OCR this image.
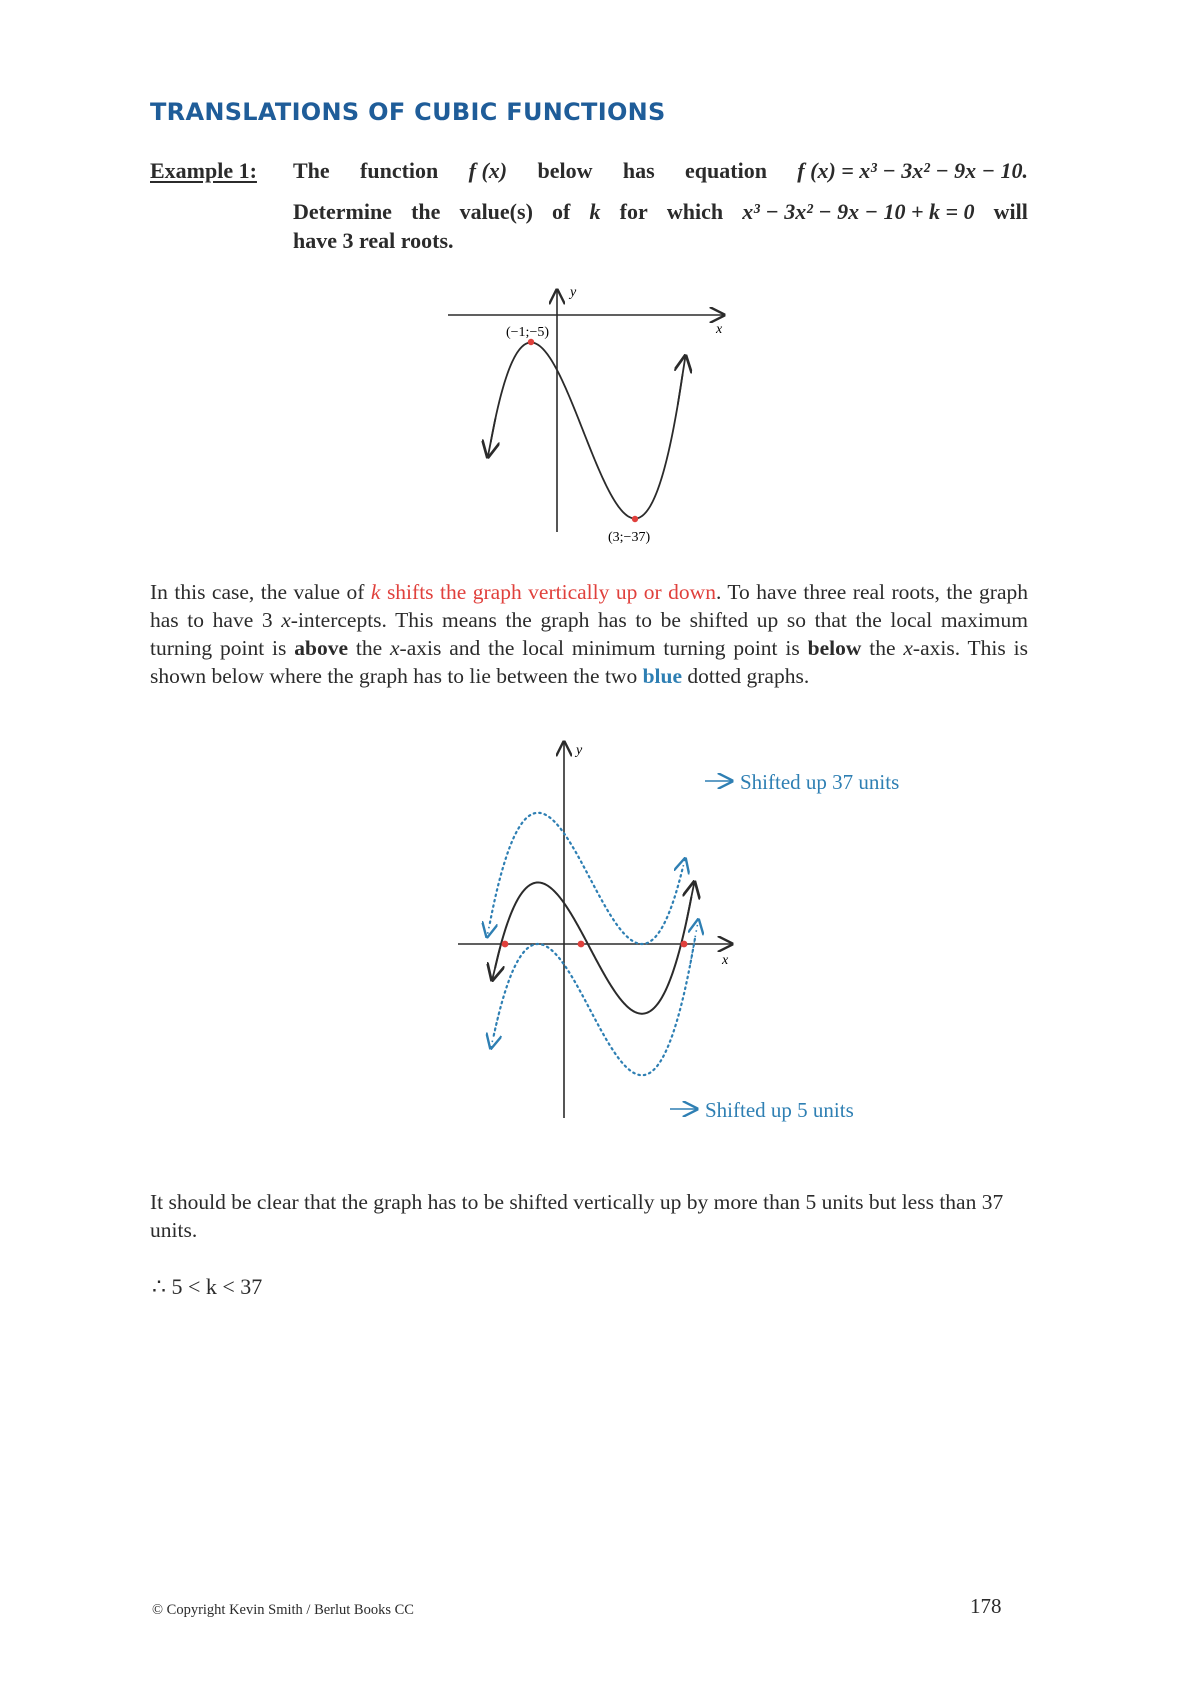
TRANSLATIONS OF CUBIC FUNCTIONS
Example 1: The function f (x) below has equation f (x) = x³ − 3x² − 9x − 10.
Determine the value(s) of k for which x³ − 3x² − 9x − 10 + k = 0 will
have 3 real roots.
y
x
(−1;−5)
(3;−37)
In this case, the value of k shifts the graph vertically up or down. To have three real roots, the graph has to have 3 x-intercepts. This means the graph has to be shifted up so that the local maximum turning point is above the x-axis and the local minimum turning point is below the x-axis. This is shown below where the graph has to lie between the two blue dotted graphs.
y
x
Shifted up 37 units
Shifted up 5 units
It should be clear that the graph has to be shifted vertically up by more than 5 units but less than 37 units.
∴ 5 < k < 37
© Copyright Kevin Smith / Berlut Books CC	178
